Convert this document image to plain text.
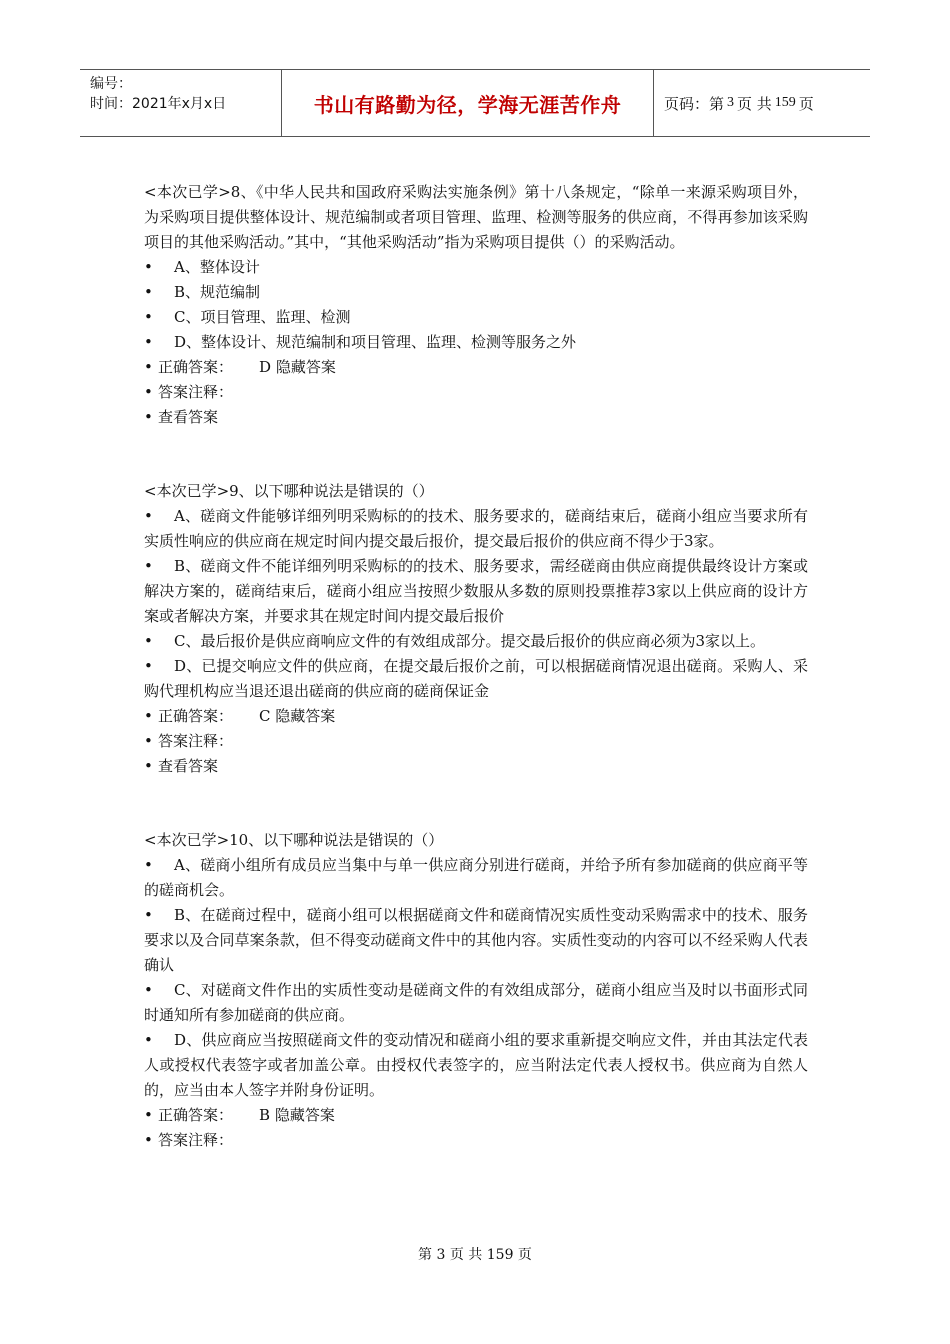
编号：
时间：2021年x月x日	书山有路勤为径，学海无涯苦作舟	页码：第 3 页 共 159 页

<本次已学>8、《中华人民共和国政府采购法实施条例》第十八条规定，“除单一来源采购项目外，为采购项目提供整体设计、规范编制或者项目管理、监理、检测等服务的供应商，不得再参加该采购项目的其他采购活动。”其中，“其他采购活动”指为采购项目提供（）的采购活动。

• A、整体设计

• B、规范编制

• C、项目管理、监理、检测

• D、整体设计、规范编制和项目管理、监理、检测等服务之外

• 正确答案： D 隐藏答案

• 答案注释：

• 查看答案

<本次已学>9、以下哪种说法是错误的（）

• A、磋商文件能够详细列明采购标的的技术、服务要求的，磋商结束后，磋商小组应当要求所有实质性响应的供应商在规定时间内提交最后报价，提交最后报价的供应商不得少于3家。

• B、磋商文件不能详细列明采购标的的技术、服务要求，需经磋商由供应商提供最终设计方案或解决方案的，磋商结束后，磋商小组应当按照少数服从多数的原则投票推荐3家以上供应商的设计方案或者解决方案，并要求其在规定时间内提交最后报价

• C、最后报价是供应商响应文件的有效组成部分。提交最后报价的供应商必须为3家以上。

• D、已提交响应文件的供应商，在提交最后报价之前，可以根据磋商情况退出磋商。采购人、采购代理机构应当退还退出磋商的供应商的磋商保证金

• 正确答案： C 隐藏答案

• 答案注释：

• 查看答案

<本次已学>10、以下哪种说法是错误的（）

• A、磋商小组所有成员应当集中与单一供应商分别进行磋商，并给予所有参加磋商的供应商平等的磋商机会。

• B、在磋商过程中，磋商小组可以根据磋商文件和磋商情况实质性变动采购需求中的技术、服务要求以及合同草案条款，但不得变动磋商文件中的其他内容。实质性变动的内容可以不经采购人代表确认

• C、对磋商文件作出的实质性变动是磋商文件的有效组成部分，磋商小组应当及时以书面形式同时通知所有参加磋商的供应商。

• D、供应商应当按照磋商文件的变动情况和磋商小组的要求重新提交响应文件，并由其法定代表人或授权代表签字或者加盖公章。由授权代表签字的，应当附法定代表人授权书。供应商为自然人的，应当由本人签字并附身份证明。

• 正确答案： B 隐藏答案

• 答案注释：

第 3 页 共 159 页
